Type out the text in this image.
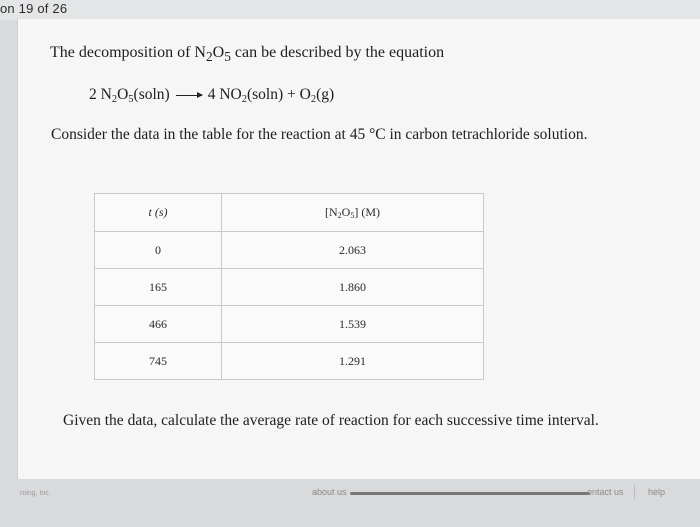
on 19 of 26
The decomposition of $N_2O_5$ can be described by the equation
2 $N_2O_5(soln) \to 4$ $NO_2(soln) + O_2(g)$
Consider the data in the table for the reaction at 45 °C in carbon tetrachloride solution.
t (s)	$[N_2O_5]$ (M)
0	2.063
165	1.860
466	1.539
745	1.291
Given the data, calculate the average rate of reaction for each successive time interval.
rning, Inc.	about us	ontact us	help
